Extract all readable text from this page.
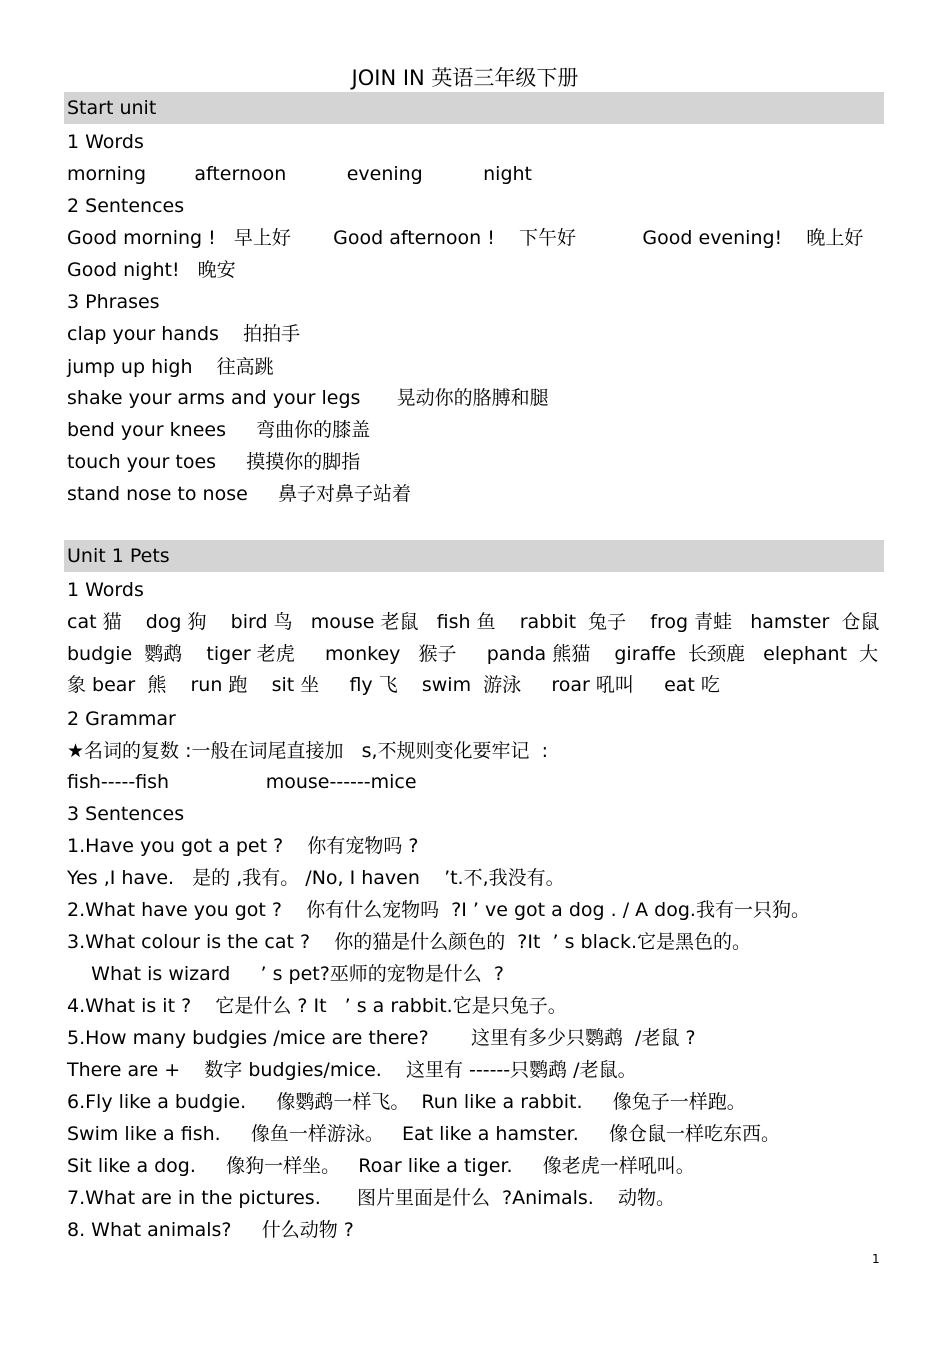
JOIN IN 英语三年级下册
Start unit
1 Words
morning        afternoon          evening          night
2 Sentences
Good morning !   早上好       Good afternoon !    下午好           Good evening!    晚上好
Good night!   晚安
3 Phrases
clap your hands    拍拍手
jump up high    往高跳
shake your arms and your legs      晃动你的胳膊和腿
bend your knees     弯曲你的膝盖
touch your toes     摸摸你的脚指
stand nose to nose     鼻子对鼻子站着
Unit 1 Pets
1 Words
cat 猫    dog 狗    bird 鸟   mouse 老鼠   fish 鱼    rabbit  兔子    frog 青蛙   hamster  仓鼠
budgie  鹦鹉    tiger 老虎     monkey   猴子     panda 熊猫    giraffe  长颈鹿   elephant  大
象 bear  熊    run 跑    sit 坐     fly 飞    swim  游泳     roar 吼叫     eat 吃
2 Grammar
★名词的复数 :一般在词尾直接加   s,不规则变化要牢记  :
fish-----fish                mouse------mice
3 Sentences
1.Have you got a pet ?    你有宠物吗 ?
Yes ,I have.   是的 ,我有。 /No, I haven    ’t.不,我没有。
2.What have you got ?    你有什么宠物吗  ?I ’ ve got a dog . / A dog.我有一只狗。
3.What colour is the cat ?    你的猫是什么颜色的  ?It  ’ s black.它是黑色的。
What is wizard     ’ s pet?巫师的宠物是什么  ?
4.What is it ?    它是什么 ? It   ’ s a rabbit.它是只兔子。
5.How many budgies /mice are there?       这里有多少只鹦鹉  /老鼠 ?
There are +    数字 budgies/mice.    这里有 ------只鹦鹉 /老鼠。
6.Fly like a budgie.     像鹦鹉一样飞。  Run like a rabbit.     像兔子一样跑。
Swim like a fish.     像鱼一样游泳。   Eat like a hamster.     像仓鼠一样吃东西。
Sit like a dog.     像狗一样坐。   Roar like a tiger.     像老虎一样吼叫。
7.What are in the pictures.      图片里面是什么  ?Animals.    动物。
8. What animals?     什么动物 ?
1
